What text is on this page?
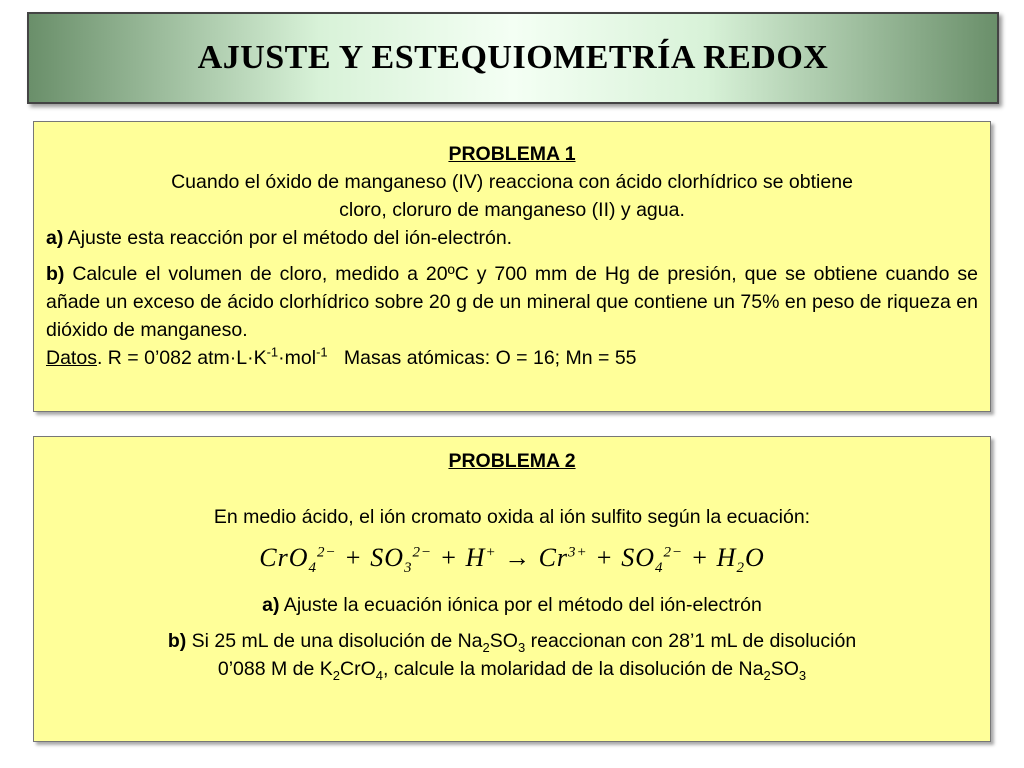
AJUSTE Y ESTEQUIOMETRÍA REDOX
PROBLEMA 1
Cuando el óxido de manganeso (IV) reacciona con ácido clorhídrico se obtiene
cloro, cloruro de manganeso (II) y agua.
a) Ajuste esta reacción por el método del ión-electrón.
b) Calcule el volumen de cloro, medido a 20ºC y 700 mm de Hg de presión, que se obtiene cuando se añade un exceso de ácido clorhídrico sobre 20 g de un mineral que contiene un 75% en peso de riqueza en dióxido de manganeso.
Datos. R = 0’082 $atm\cdot L\cdot K^{-1}\cdot mol^{-1}$   Masas atómicas: O = 16; Mn = 55
PROBLEMA 2
En medio ácido, el ión cromato oxida al ión sulfito según la ecuación:
$CrO_4^{2-} + SO_3^{2-} + H^+ \to Cr^{3+} + SO_4^{2-} + H_2O$
a) Ajuste la ecuación iónica por el método del ión-electrón
b) Si 25 mL de una disolución de $Na_2SO_3$ reaccionan con 28’1 mL de disolución
0’088 M de $K_2CrO_4$, calcule la molaridad de la disolución de $Na_2SO_3$
